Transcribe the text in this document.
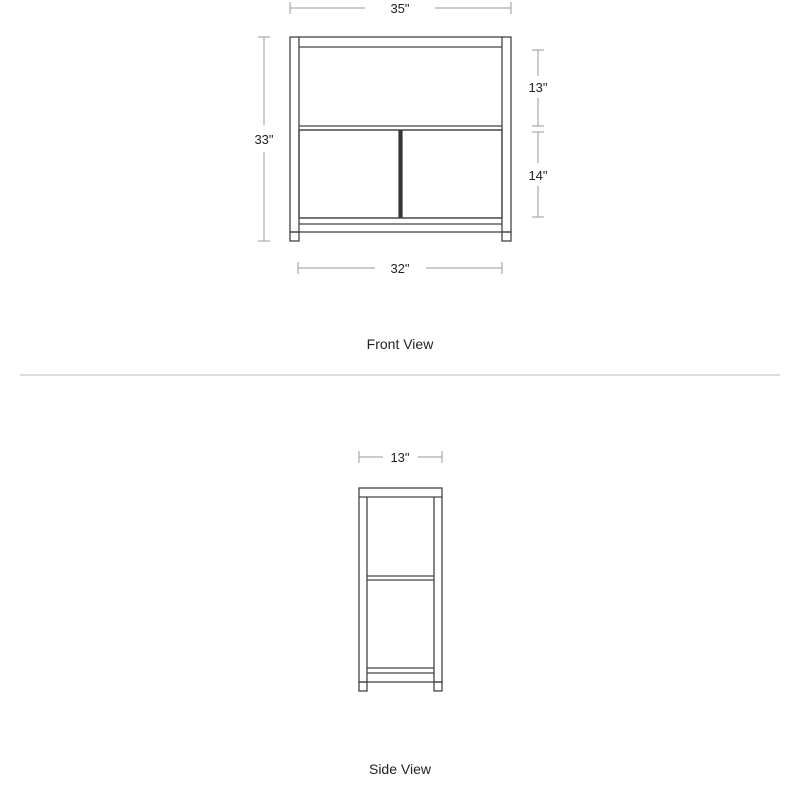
35"
33"
13"
14"
32"
Front View
13"
Side View
